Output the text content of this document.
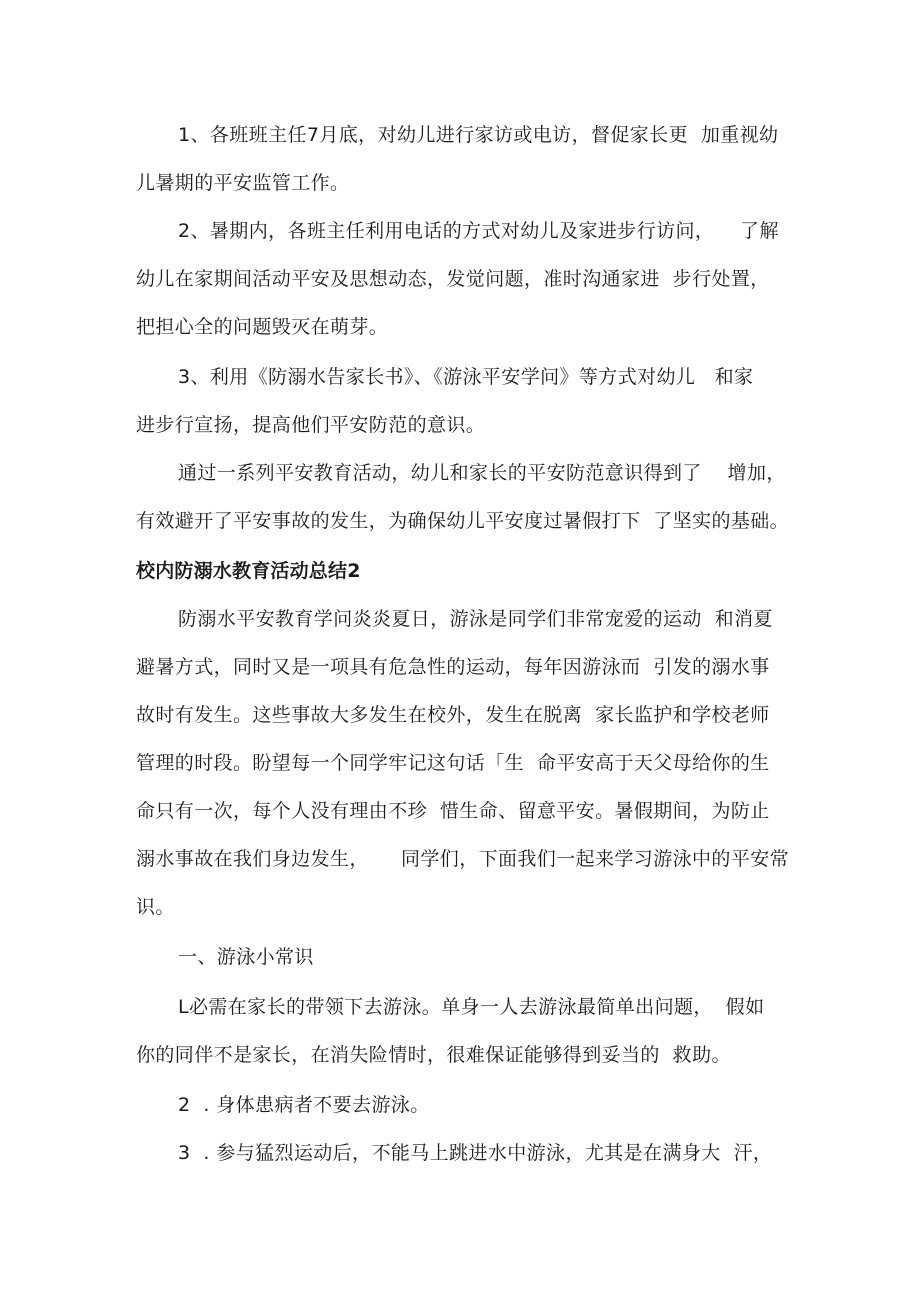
1、各班班主任7月底，对幼儿进行家访或电访，督促家长更  加重视幼

儿暑期的平安监管工作。

2、暑期内，各班主任利用电话的方式对幼儿及家进步行访问，    了解

幼儿在家期间活动平安及思想动态，发觉问题，准时沟通家进  步行处置，

把担心全的问题毁灭在萌芽。

3、利用《防溺水告家长书》、《游泳平安学问》等方式对幼儿   和家

进步行宣扬，提高他们平安防范的意识。

通过一系列平安教育活动，幼儿和家长的平安防范意识得到了    增加，

有效避开了平安事故的发生，为确保幼儿平安度过暑假打下  了坚实的基础。

校内防溺水教育活动总结2

防溺水平安教育学问炎炎夏日，游泳是同学们非常宠爱的运动  和消夏

避暑方式，同时又是一项具有危急性的运动，每年因游泳而  引发的溺水事

故时有发生。这些事故大多发生在校外，发生在脱离  家长监护和学校老师

管理的时段。盼望每一个同学牢记这句话「生  命平安高于天父母给你的生

命只有一次，每个人没有理由不珍  惜生命、留意平安。暑假期间，为防止

溺水事故在我们身边发生，     同学们，下面我们一起来学习游泳中的平安常

识。

一、游泳小常识

L必需在家长的带领下去游泳。单身一人去游泳最简单出问题，  假如

你的同伴不是家长，在消失险情时，很难保证能够得到妥当的  救助。

2  . 身体患病者不要去游泳。

3  . 参与猛烈运动后，不能马上跳进水中游泳，尤其是在满身大  汗，
